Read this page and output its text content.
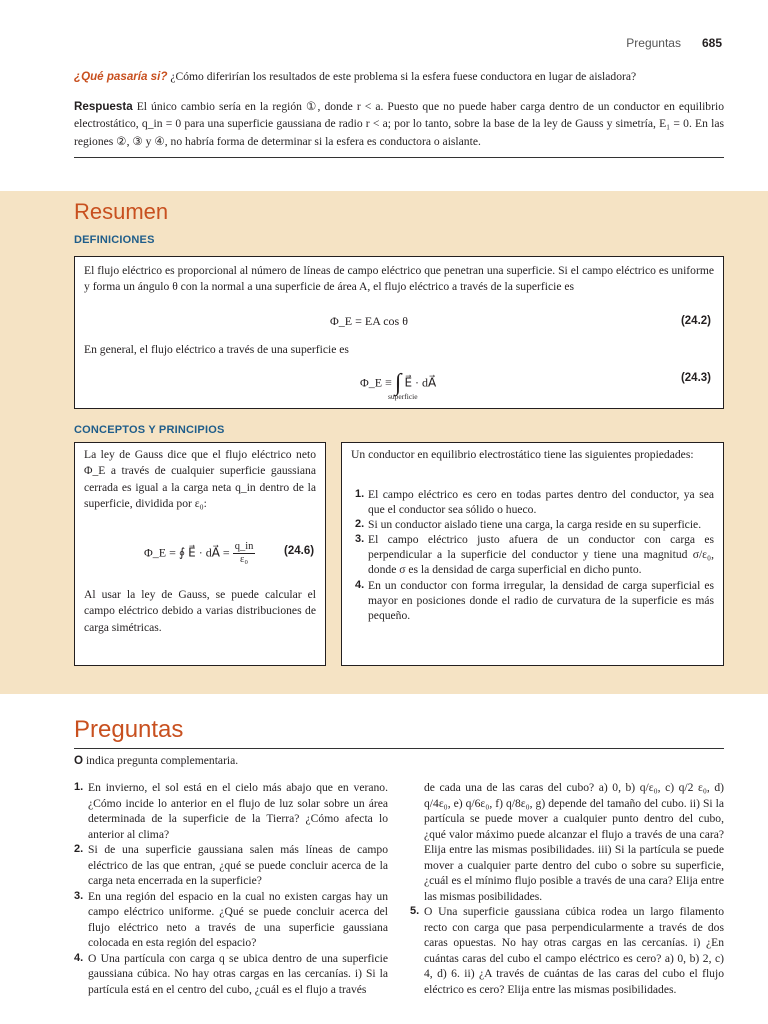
Preguntas 685
¿Qué pasaría si? ¿Cómo diferirían los resultados de este problema si la esfera fuese conductora en lugar de aisladora?
Respuesta El único cambio sería en la región ①, donde r < a. Puesto que no puede haber carga dentro de un conductor en equilibrio electrostático, q_in = 0 para una superficie gaussiana de radio r < a; por lo tanto, sobre la base de la ley de Gauss y simetría, E₁ = 0. En las regiones ②, ③ y ④, no habría forma de determinar si la esfera es conductora o aislante.
Resumen
DEFINICIONES
El flujo eléctrico es proporcional al número de líneas de campo eléctrico que penetran una superficie. Si el campo eléctrico es uniforme y forma un ángulo θ con la normal a una superficie de área A, el flujo eléctrico a través de la superficie es
Φ_E = EA cos θ	(24.2)
En general, el flujo eléctrico a través de una superficie es
Φ_E ≡ ∫ E⃗ · dA⃗
superficie
(24.3)
CONCEPTOS Y PRINCIPIOS
La ley de Gauss dice que el flujo eléctrico neto Φ_E a través de cualquier superficie gaussiana cerrada es igual a la carga neta q_in dentro de la superficie, dividida por ε₀:
Φ_E = ∮ E⃗ · dA⃗ = $\frac{q\_in}{\text{ε₀}} (24.6)$
Al usar la ley de Gauss, se puede calcular el campo eléctrico debido a varias distribuciones de carga simétricas.
Un conductor en equilibrio electrostático tiene las siguientes propiedades:
1. El campo eléctrico es cero en todas partes dentro del conductor, ya sea que el conductor sea sólido o hueco.
2. Si un conductor aislado tiene una carga, la carga reside en su superficie.
3. El campo eléctrico justo afuera de un conductor con carga es perpendicular a la superficie del conductor y tiene una magnitud σ/ε₀, donde σ es la densidad de carga superficial en dicho punto.
4. En un conductor con forma irregular, la densidad de carga superficial es mayor en posiciones donde el radio de curvatura de la superficie es más pequeño.
Preguntas
O indica pregunta complementaria.
1. En invierno, el sol está en el cielo más abajo que en verano. ¿Cómo incide lo anterior en el flujo de luz solar sobre un área determinada de la superficie de la Tierra? ¿Cómo afecta lo anterior al clima?
2. Si de una superficie gaussiana salen más líneas de campo eléctrico de las que entran, ¿qué se puede concluir acerca de la carga neta encerrada en la superficie?
3. En una región del espacio en la cual no existen cargas hay un campo eléctrico uniforme. ¿Qué se puede concluir acerca del flujo eléctrico neto a través de una superficie gaussiana colocada en esta región del espacio?
4. O Una partícula con carga q se ubica dentro de una superficie gaussiana cúbica. No hay otras cargas en las cercanías. i) Si la partícula está en el centro del cubo, ¿cuál es el flujo a través
de cada una de las caras del cubo? a) 0, b) q/ε₀, c) q/2 ε₀, d) q/4ε₀, e) q/6ε₀, f) q/8ε₀, g) depende del tamaño del cubo. ii) Si la partícula se puede mover a cualquier punto dentro del cubo, ¿qué valor máximo puede alcanzar el flujo a través de una cara? Elija entre las mismas posibilidades. iii) Si la partícula se puede mover a cualquier parte dentro del cubo o sobre su superficie, ¿cuál es el mínimo flujo posible a través de una cara? Elija entre las mismas posibilidades.
5. O Una superficie gaussiana cúbica rodea un largo filamento recto con carga que pasa perpendicularmente a través de dos caras opuestas. No hay otras cargas en las cercanías. i) ¿En cuántas caras del cubo el campo eléctrico es cero? a) 0, b) 2, c) 4, d) 6. ii) ¿A través de cuántas de las caras del cubo el flujo eléctrico es cero? Elija entre las mismas posibilidades.
